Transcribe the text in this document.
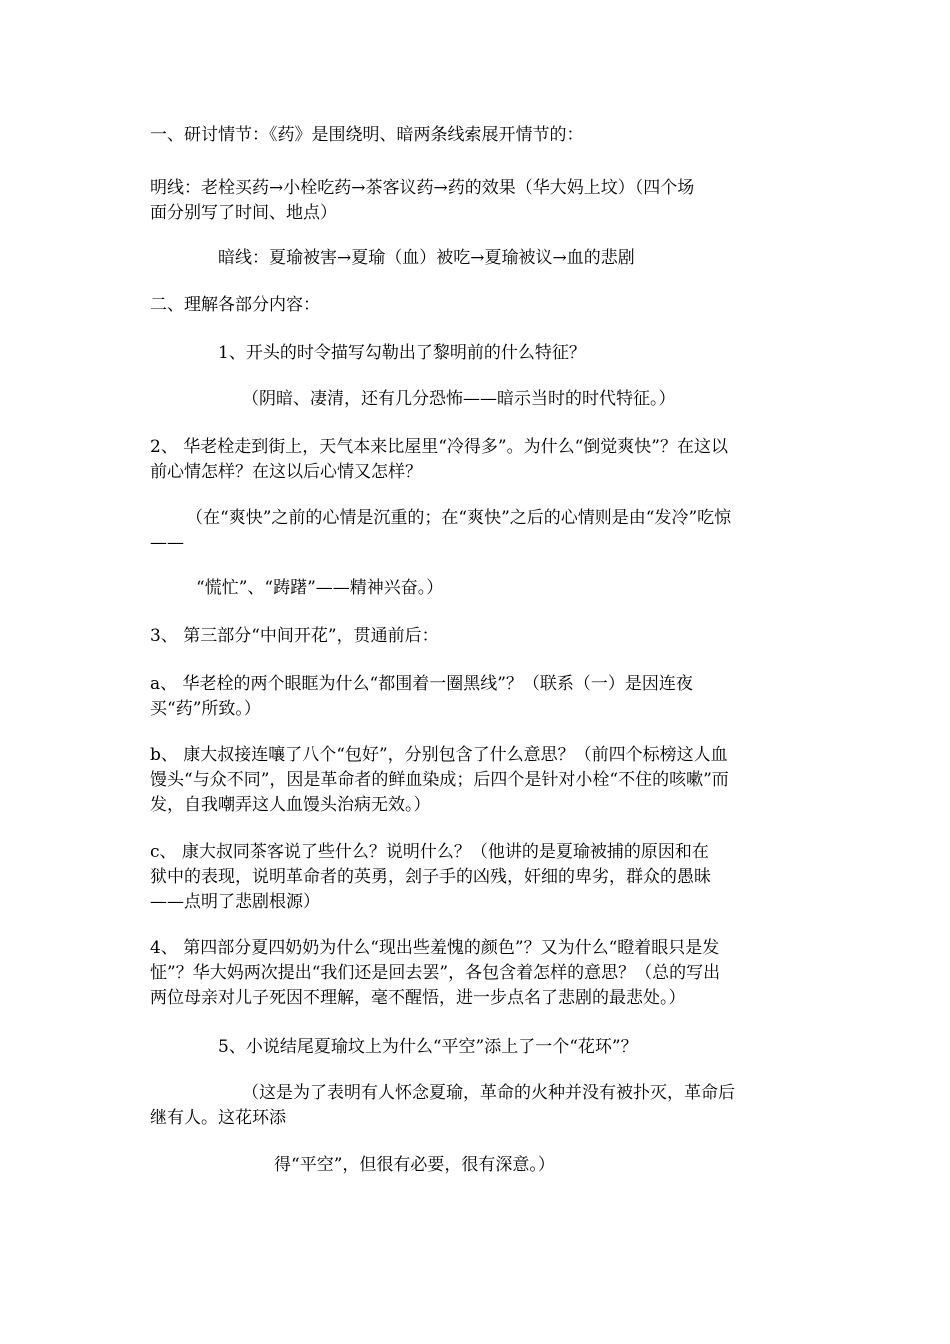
一、研讨情节：《药》是围绕明、暗两条线索展开情节的：

明线：老栓买药→小栓吃药→茶客议药→药的效果（华大妈上坟）（四个场
面分别写了时间、地点）

暗线：夏瑜被害→夏瑜（血）被吃→夏瑜被议→血的悲剧

二、理解各部分内容：

1、开头的时令描写勾勒出了黎明前的什么特征？

（阴暗、凄清，还有几分恐怖——暗示当时的时代特征。）

2、 华老栓走到街上，天气本来比屋里“冷得多”。为什么“倒觉爽快”？在这以
前心情怎样？在这以后心情又怎样？

（在“爽快”之前的心情是沉重的；在“爽快”之后的心情则是由“发冷”吃惊
——

“慌忙”、“踌躇”——精神兴奋。）

3、 第三部分“中间开花”，贯通前后：

a、 华老栓的两个眼眶为什么“都围着一圈黑线”？（联系（一）是因连夜
买“药”所致。）

b、 康大叔接连嚷了八个“包好”，分别包含了什么意思？（前四个标榜这人血
馒头“与众不同”，因是革命者的鲜血染成；后四个是针对小栓“不住的咳嗽”而
发，自我嘲弄这人血馒头治病无效。）

c、 康大叔同茶客说了些什么？说明什么？（他讲的是夏瑜被捕的原因和在
狱中的表现，说明革命者的英勇，刽子手的凶残，奸细的卑劣，群众的愚昧
——点明了悲剧根源）

4、 第四部分夏四奶奶为什么“现出些羞愧的颜色”？又为什么“瞪着眼只是发
怔”？华大妈两次提出“我们还是回去罢”，各包含着怎样的意思？（总的写出
两位母亲对儿子死因不理解，毫不醒悟，进一步点名了悲剧的最悲处。）

5、小说结尾夏瑜坟上为什么“平空”添上了一个“花环”？

（这是为了表明有人怀念夏瑜，革命的火种并没有被扑灭，革命后
继有人。这花环添

得“平空”，但很有必要，很有深意。）
